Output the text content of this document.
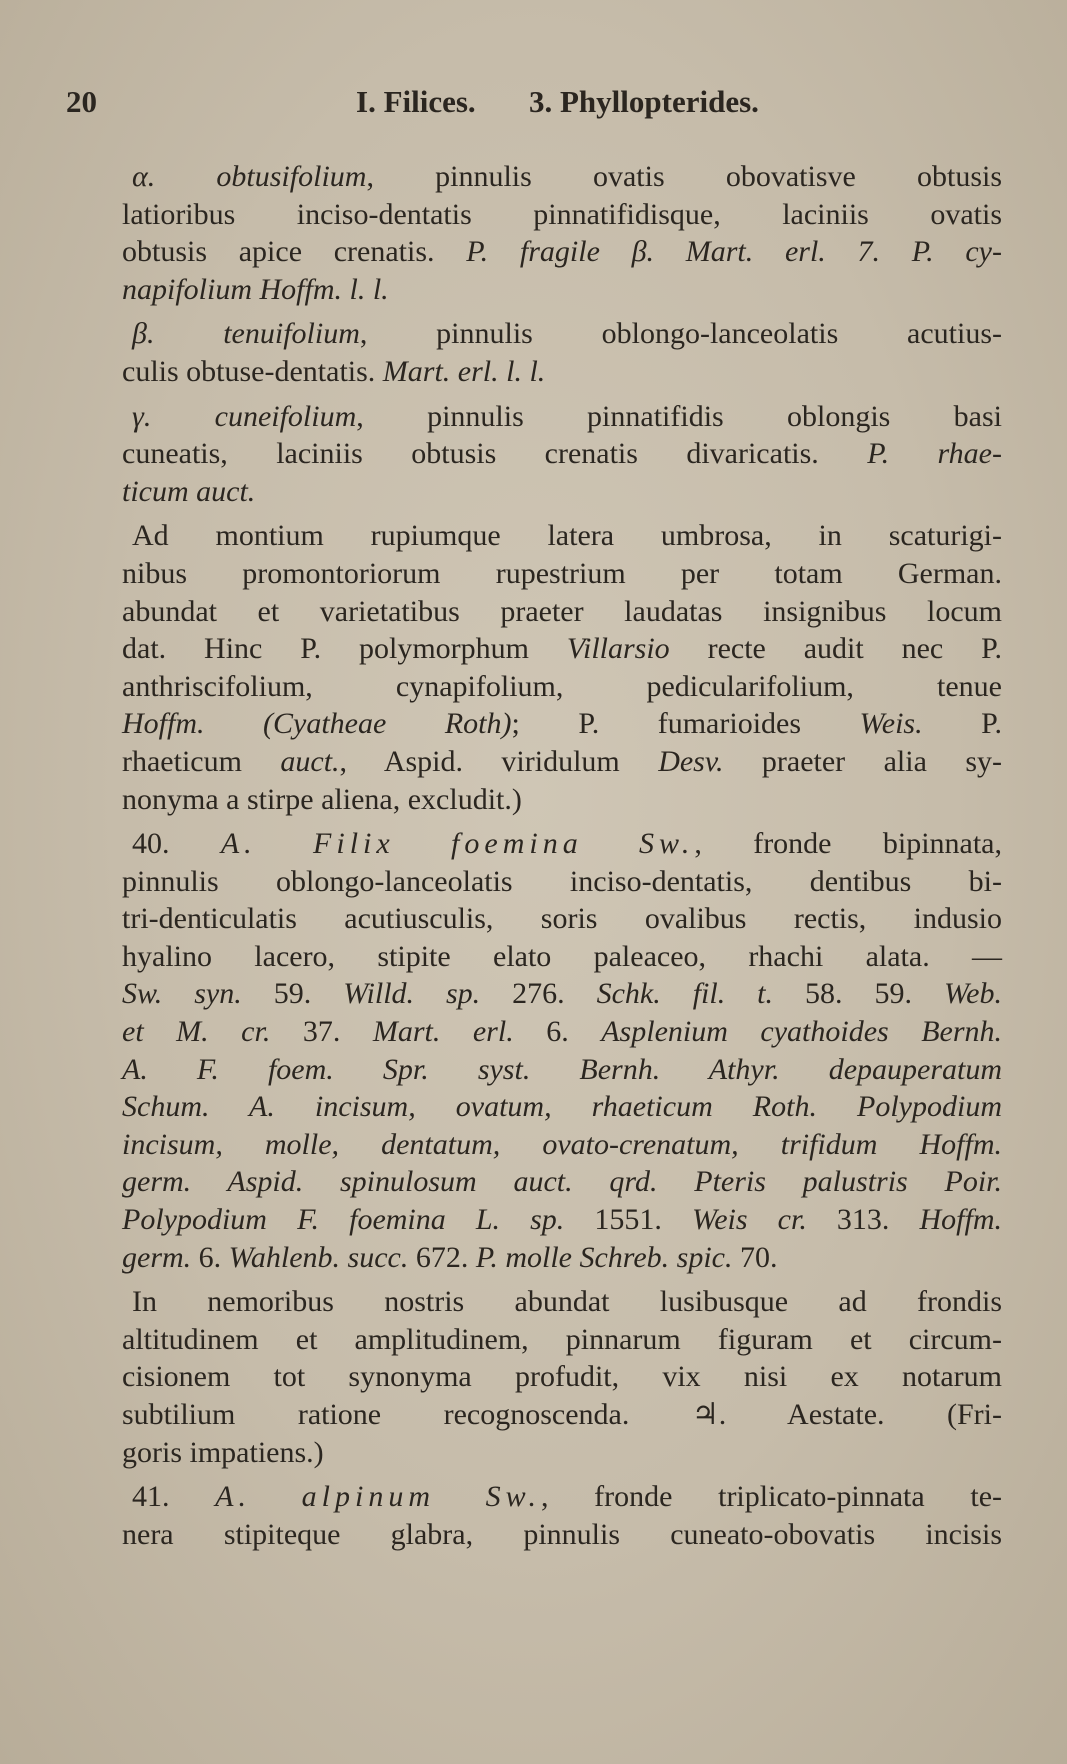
20	I. Filices. 3. Phyllopterides.
α. obtusifolium, pinnulis ovatis obovatisve obtusis
latioribus inciso-dentatis pinnatifidisque, laciniis ovatis
obtusis apice crenatis. P. fragile β. Mart. erl. 7. P. cy-
napifolium Hoffm. l. l.
β. tenuifolium, pinnulis oblongo-lanceolatis acutius-
culis obtuse-dentatis. Mart. erl. l. l.
γ. cuneifolium, pinnulis pinnatifidis oblongis basi
cuneatis, laciniis obtusis crenatis divaricatis. P. rhae-
ticum auct.
Ad montium rupiumque latera umbrosa, in scaturigi-
nibus promontoriorum rupestrium per totam German.
abundat et varietatibus praeter laudatas insignibus locum
dat. Hinc P. polymorphum Villarsio recte audit nec P.
anthriscifolium, cynapifolium, pedicularifolium, tenue
Hoffm. (Cyatheae Roth); P. fumarioides Weis. P.
rhaeticum auct., Aspid. viridulum Desv. praeter alia sy-
nonyma a stirpe aliena, excludit.)
40. A. Filix foemina Sw., fronde bipinnata,
pinnulis oblongo-lanceolatis inciso-dentatis, dentibus bi-
tri-denticulatis acutiusculis, soris ovalibus rectis, indusio
hyalino lacero, stipite elato paleaceo, rhachi alata. —
Sw. syn. 59. Willd. sp. 276. Schk. fil. t. 58. 59. Web.
et M. cr. 37. Mart. erl. 6. Asplenium cyathoides Bernh.
A. F. foem. Spr. syst. Bernh. Athyr. depauperatum
Schum. A. incisum, ovatum, rhaeticum Roth. Polypodium
incisum, molle, dentatum, ovato-crenatum, trifidum Hoffm.
germ. Aspid. spinulosum auct. qrd. Pteris palustris Poir.
Polypodium F. foemina L. sp. 1551. Weis cr. 313. Hoffm.
germ. 6. Wahlenb. succ. 672. P. molle Schreb. spic. 70.
In nemoribus nostris abundat lusibusque ad frondis
altitudinem et amplitudinem, pinnarum figuram et circum-
cisionem tot synonyma profudit, vix nisi ex notarum
subtilium ratione recognoscenda. ♃. Aestate. (Fri-
goris impatiens.)
41. A. alpinum Sw., fronde triplicato-pinnata te-
nera stipiteque glabra, pinnulis cuneato-obovatis incisis
